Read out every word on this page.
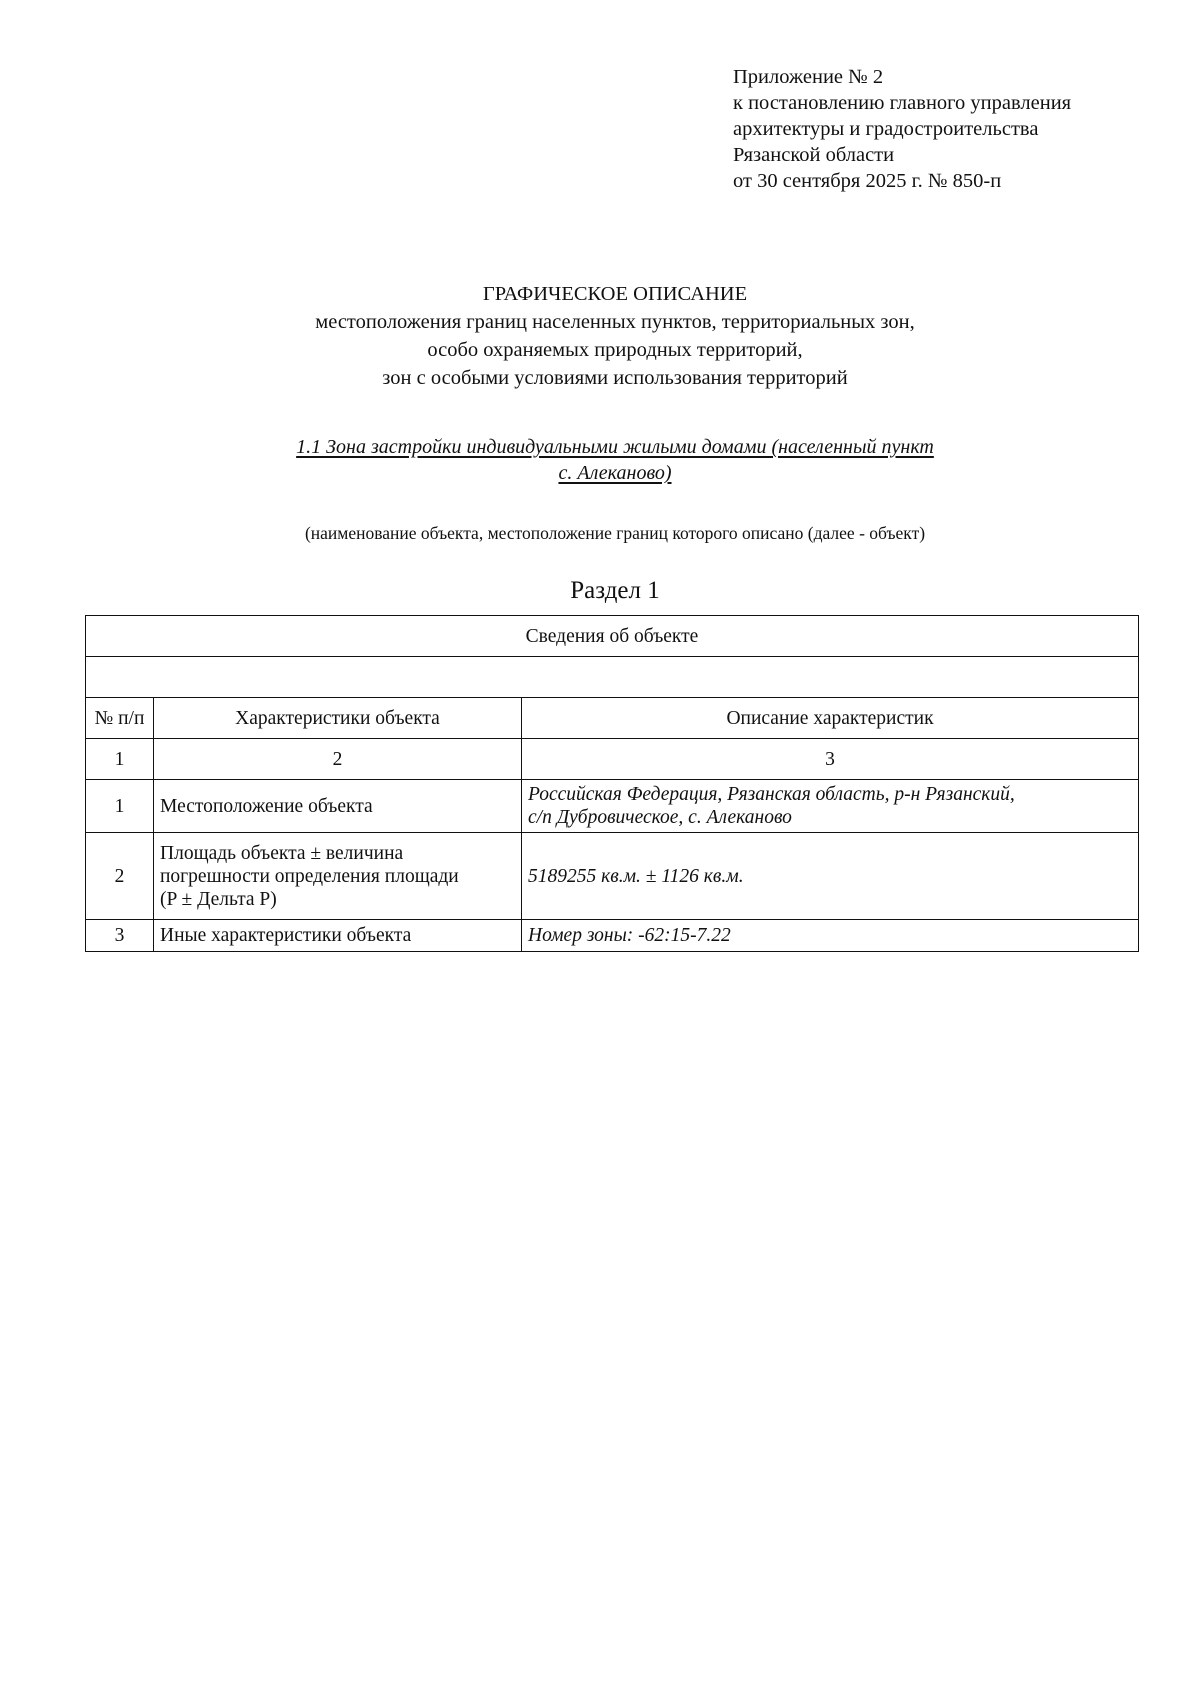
Приложение № 2
к постановлению главного управления
архитектуры и градостроительства
Рязанской области
от 30 сентября 2025 г. № 850-п
ГРАФИЧЕСКОЕ ОПИСАНИЕ
местоположения границ населенных пунктов, территориальных зон,
особо охраняемых природных территорий,
зон с особыми условиями использования территорий
1.1 Зона застройки индивидуальными жилыми домами (населенный пункт
с. Алеканово)
(наименование объекта, местоположение границ которого описано (далее - объект)
Раздел 1
Сведения об объекте		

№ п/п	Характеристики объекта	Описание характеристик
1	2	3
1	Местоположение объекта	Российская Федерация, Рязанская область, р-н Рязанский,
с/п Дубровическое, с. Алеканово

2	Площадь объекта ± величина
погрешности определения площади
(P ± Дельта P)	5189255 кв.м. ± 1126 кв.м.
3	Иные характеристики объекта	Номер зоны: -62:15-7.22
